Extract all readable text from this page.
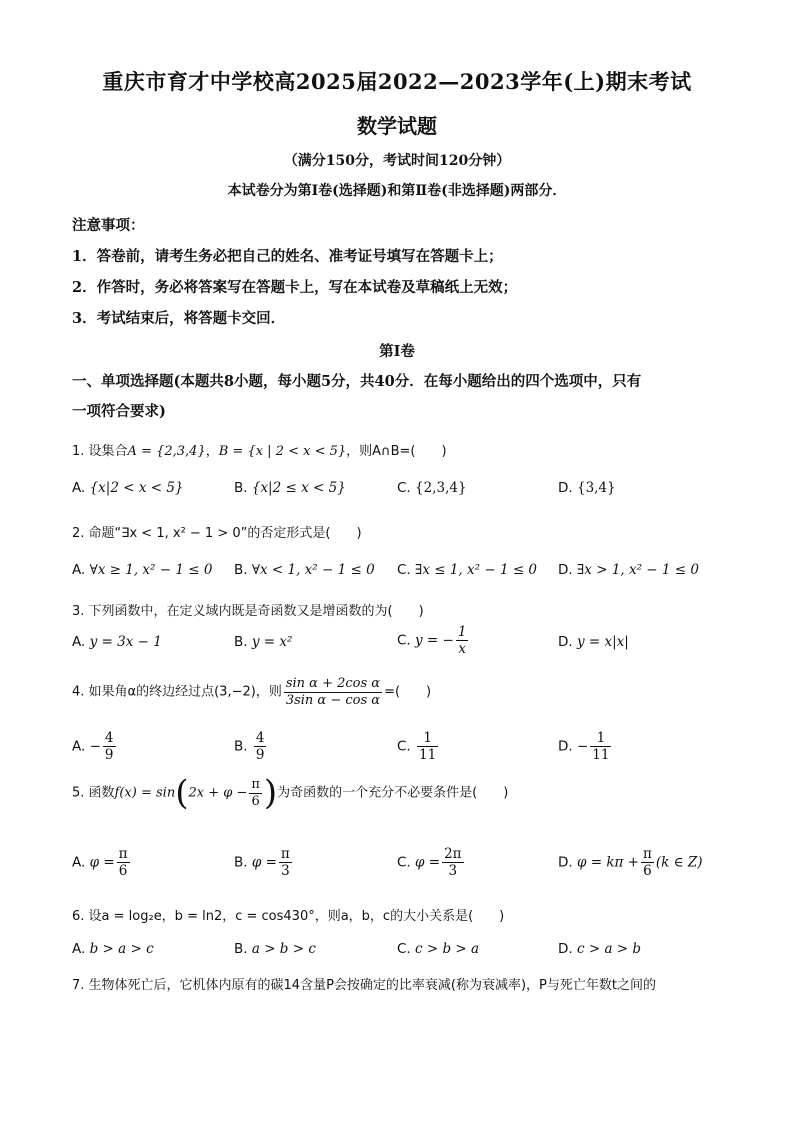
重庆市育才中学校高2025届2022—2023学年(上)期末考试
数学试题
（满分150分，考试时间120分钟）
本试卷分为第Ⅰ卷(选择题)和第Ⅱ卷(非选择题)两部分．
注意事项：
1．答卷前，请考生务必把自己的姓名、准考证号填写在答题卡上；
2．作答时，务必将答案写在答题卡上，写在本试卷及草稿纸上无效；
3．考试结束后，将答题卡交回．
第Ⅰ卷
一、单项选择题(本题共8小题，每小题5分，共40分．在每小题给出的四个选项中，只有
一项符合要求)
1. 设集合A = {2,3,4}，B = {x | 2 < x < 5}，则A∩B=(　　)
A. {x|2 < x < 5}	B. {x|2 ≤ x < 5}	C. {2,3,4}	D. {3,4}
2. 命题“∃x < 1, x² − 1 > 0”的否定形式是(　　)
A. ∀x ≥ 1, x² − 1 ≤ 0 B. ∀x < 1, x² − 1 ≤ 0 C. ∃x ≤ 1, x² − 1 ≤ 0 D. ∃x > 1, x² − 1 ≤ 0
3. 下列函数中，在定义域内既是奇函数又是增函数的为(　　)
A. y = 3x − 1	B. y = x²	C. y = − $\frac{1}{x}$	D. y = x|x|
4. 如果角α的终边经过点(3,−2)，则 $\frac{\text{sin α + 2cos α}}{\text{3sin α − cos α}}$ =(　　)
A. − $\frac{4}{9}$	B. $\frac{4}{9}$	C. $\frac{1}{11}$	D. − $\frac{1}{11}$
5. 函数$f(x) = \sin(2x + \varphi - \frac{\pi}{6}$ )为奇函数的一个充分不必要条件是(　　)
A. $\varphi = \frac{\pi}{6}$	B. $\varphi = \frac{\pi}{3}$	C. $\varphi = \frac{2\pi}{3}$	D. $\varphi = k\pi + \frac{\pi}{6} (k$ ∈ Z)
6. 设a = log₂e，b = ln2，c = cos430°，则a，b，c的大小关系是(　　)
A. b > a > c	B. a > b > c	C. c > b > a	D. c > a > b
7. 生物体死亡后，它机体内原有的碳14含量P会按确定的比率衰减(称为衰减率)，P与死亡年数t之间的
